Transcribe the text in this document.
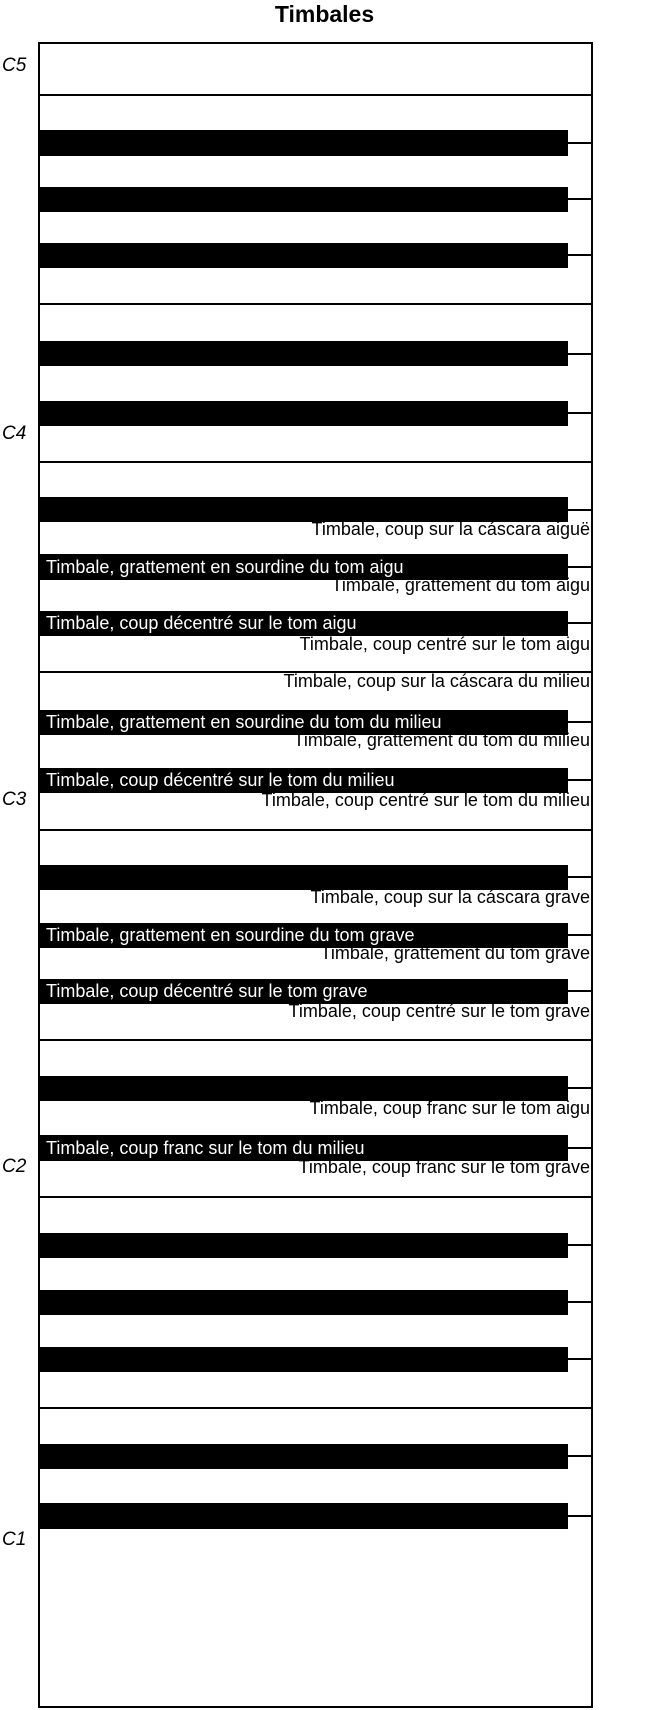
Timbales
C5
C4
C3
C2
C1
Timbale, grattement en sourdine du tom aigu
Timbale, coup décentré sur le tom aigu
Timbale, grattement en sourdine du tom du milieu
Timbale, coup décentré sur le tom du milieu
Timbale, grattement en sourdine du tom grave
Timbale, coup décentré sur le tom grave
Timbale, coup franc sur le tom du milieu
Timbale, coup sur la cáscara aiguë
Timbale, grattement du tom aigu
Timbale, coup centré sur le tom aigu
Timbale, coup sur la cáscara du milieu
Timbale, grattement du tom du milieu
Timbale, coup centré sur le tom du milieu
Timbale, coup sur la cáscara grave
Timbale, grattement du tom grave
Timbale, coup centré sur le tom grave
Timbale, coup franc sur le tom aigu
Timbale, coup franc sur le tom grave
